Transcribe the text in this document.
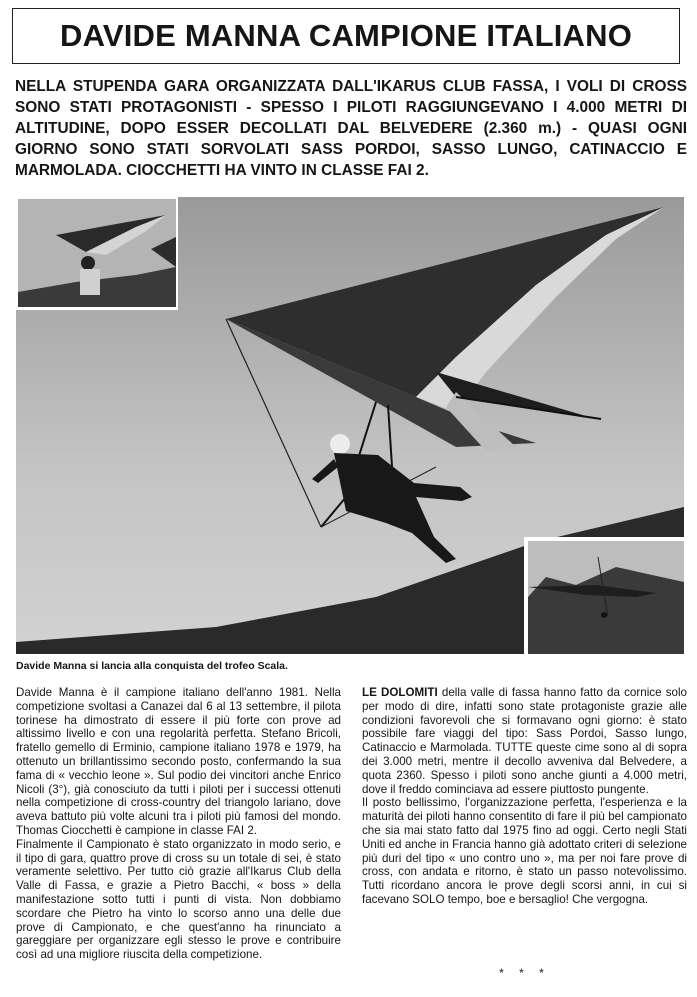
DAVIDE MANNA CAMPIONE ITALIANO
NELLA STUPENDA GARA ORGANIZZATA DALL'IKARUS CLUB FASSA, I VOLI DI CROSS SONO STATI PROTAGONISTI - SPESSO I PILOTI RAGGIUNGEVANO I 4.000 METRI DI ALTITUDINE, DOPO ESSER DECOLLATI DAL BELVEDERE (2.360 m.) - QUASI OGNI GIORNO SONO STATI SORVOLATI SASS PORDOI, SASSO LUNGO, CATINACCIO E MARMOLADA. CIOCCHETTI HA VINTO IN CLASSE FAI 2.
Davide Manna si lancia alla conquista del trofeo Scala.

Davide Manna è il campione italiano dell'anno 1981. Nella competizione svoltasi a Canazei dal 6 al 13 settembre, il pilota torinese ha dimostrato di essere il più forte con prove ad altissimo livello e con una regolarità perfetta. Stefano Bricoli, fratello gemello di Erminio, campione italiano 1978 e 1979, ha ottenuto un brillantissimo secondo posto, confermando la sua fama di « vecchio leone ». Sul podio dei vincitori anche Enrico Nicoli (3°), già conosciuto da tutti i piloti per i successi ottenuti nella competizione di cross-country del triangolo lariano, dove aveva battuto più volte alcuni tra i piloti più famosi del mondo. Thomas Ciocchetti è campione in classe FAI 2.

Finalmente il Campionato è stato organizzato in modo serio, e il tipo di gara, quattro prove di cross su un totale di sei, è stato veramente selettivo. Per tutto ciò grazie all'Ikarus Club della Valle di Fassa, e grazie a Pietro Bacchi, « boss » della manifestazione sotto tutti i punti di vista. Non dobbiamo scordare che Pietro ha vinto lo scorso anno una delle due prove di Campionato, e che quest'anno ha rinunciato a gareggiare per organizzare egli stesso le prove e contribuire così ad una migliore riuscita della competizione.

LE DOLOMITI della valle di fassa hanno fatto da cornice solo per modo di dire, infatti sono state protagoniste grazie alle condizioni favorevoli che si formavano ogni giorno: è stato possibile fare viaggi del tipo: Sass Pordoi, Sasso lungo, Catinaccio e Marmolada. TUTTE queste cime sono al di sopra dei 3.000 metri, mentre il decollo avveniva dal Belvedere, a quota 2360. Spesso i piloti sono anche giunti a 4.000 metri, dove il freddo cominciava ad essere piuttosto pungente.

Il posto bellissimo, l'organizzazione perfetta, l'esperienza e la maturità dei piloti hanno consentito di fare il più bel campionato che sia mai stato fatto dal 1975 fino ad oggi. Certo negli Stati Uniti ed anche in Francia hanno già adottato criteri di selezione più duri del tipo « uno contro uno », ma per noi fare prove di cross, con andata e ritorno, è stato un passo notevolissimo. Tutti ricordano ancora le prove degli scorsi anni, in cui si facevano SOLO tempo, boe e bersaglio! Che vergogna.

* * *
